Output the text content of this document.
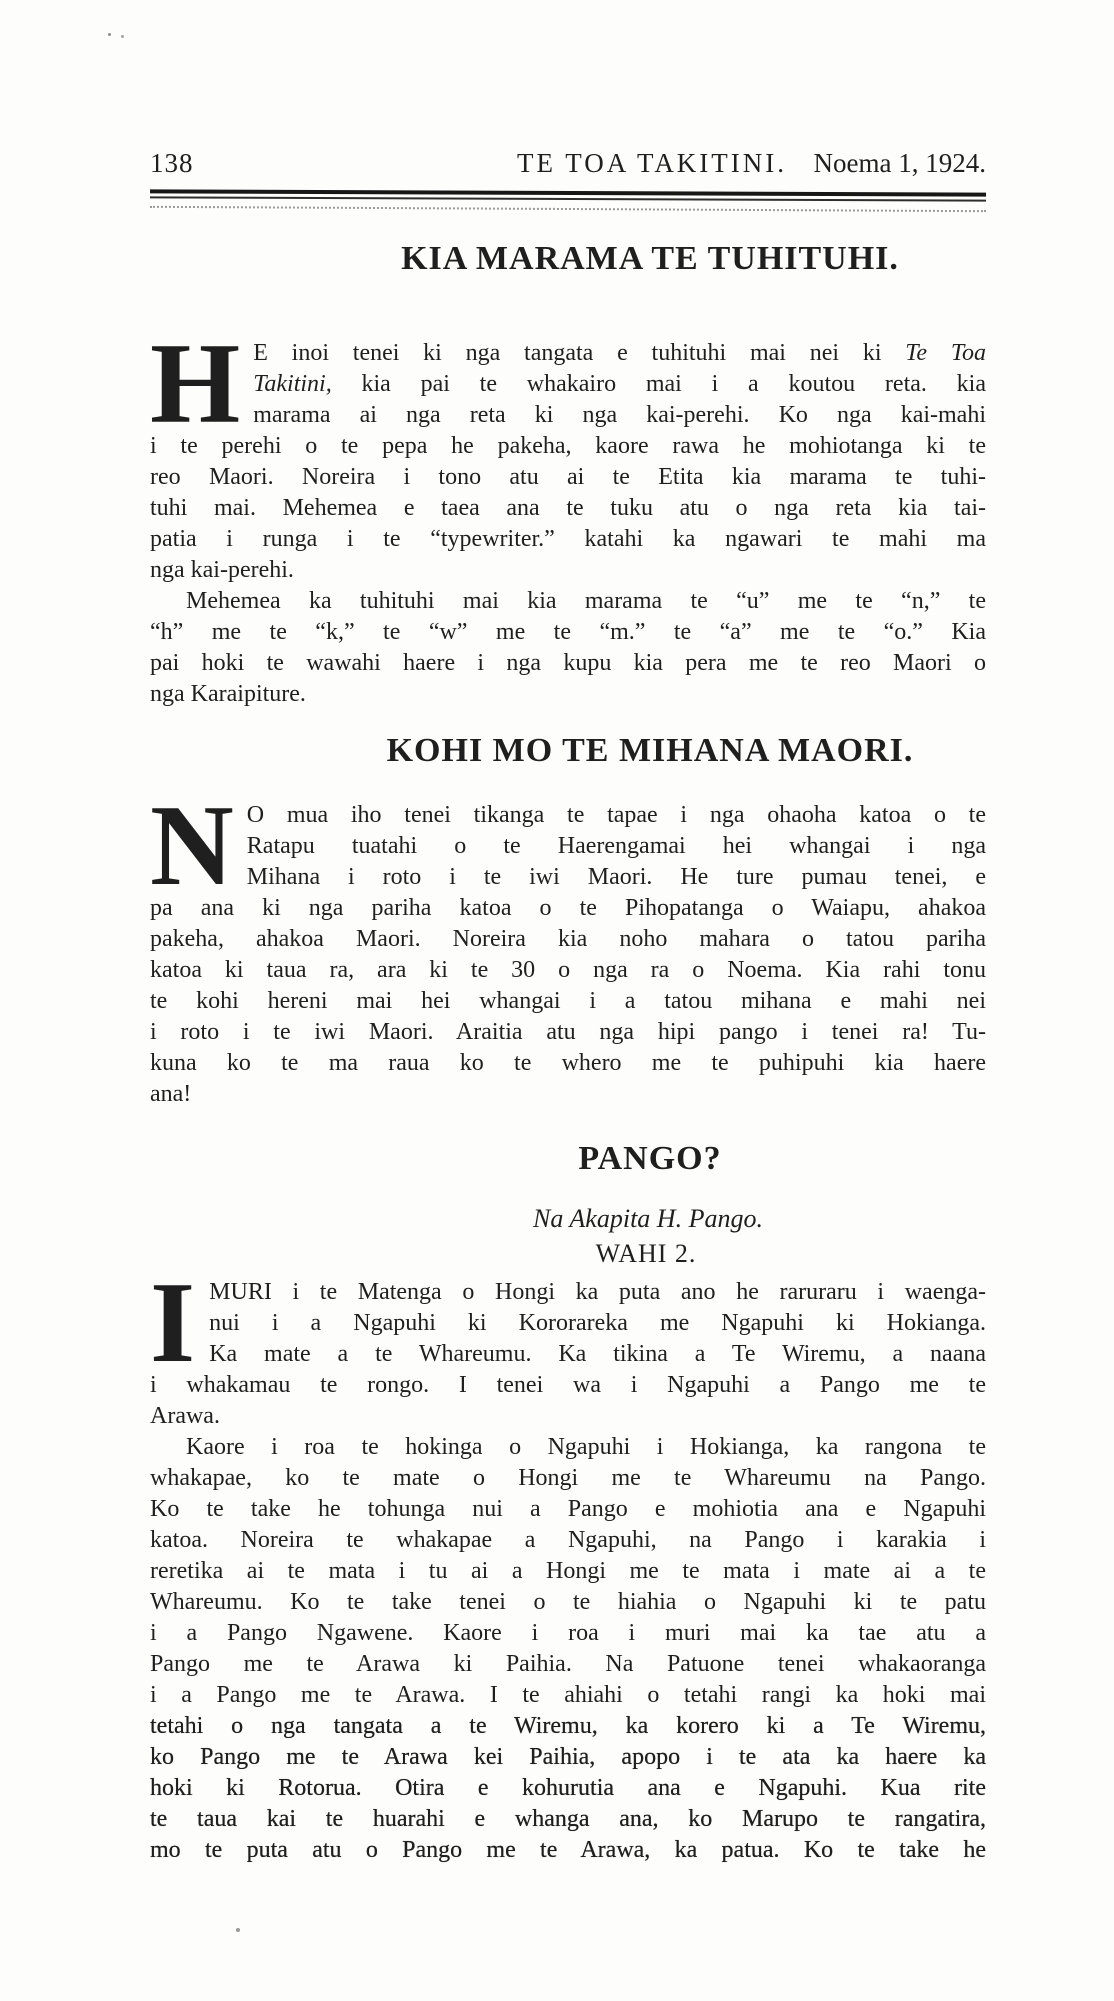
138	TE TOA TAKITINI. Noema 1, 1924.
KIA MARAMA TE TUHITUHI.
H E inoi tenei ki nga tangata e tuhituhi mai nei ki Te Toa
Takitini, kia pai te whakairo mai i a koutou reta. kia
marama ai nga reta ki nga kai-perehi. Ko nga kai-mahi
i te perehi o te pepa he pakeha, kaore rawa he mohiotanga ki te
reo Maori. Noreira i tono atu ai te Etita kia marama te tuhi-
tuhi mai. Mehemea e taea ana te tuku atu o nga reta kia tai-
patia i runga i te “typewriter.” katahi ka ngawari te mahi ma
nga kai-perehi.
Mehemea ka tuhituhi mai kia marama te “u” me te “n,” te
“h” me te “k,” te “w” me te “m.” te “a” me te “o.” Kia
pai hoki te wawahi haere i nga kupu kia pera me te reo Maori o
nga Karaipiture.
KOHI MO TE MIHANA MAORI.
N O mua iho tenei tikanga te tapae i nga ohaoha katoa o te
Ratapu tuatahi o te Haerengamai hei whangai i nga
Mihana i roto i te iwi Maori. He ture pumau tenei, e
pa ana ki nga pariha katoa o te Pihopatanga o Waiapu, ahakoa
pakeha, ahakoa Maori. Noreira kia noho mahara o tatou pariha
katoa ki taua ra, ara ki te 30 o nga ra o Noema. Kia rahi tonu
te kohi hereni mai hei whangai i a tatou mihana e mahi nei
i roto i te iwi Maori. Araitia atu nga hipi pango i tenei ra! Tu-
kuna ko te ma raua ko te whero me te puhipuhi kia haere
ana!
PANGO?
Na Akapita H. Pango.
WAHI 2.
I MURI i te Matenga o Hongi ka puta ano he raruraru i waenga-
nui i a Ngapuhi ki Kororareka me Ngapuhi ki Hokianga.
Ka mate a te Whareumu. Ka tikina a Te Wiremu, a naana
i whakamau te rongo. I tenei wa i Ngapuhi a Pango me te
Arawa.
Kaore i roa te hokinga o Ngapuhi i Hokianga, ka rangona te
whakapae, ko te mate o Hongi me te Whareumu na Pango.
Ko te take he tohunga nui a Pango e mohiotia ana e Ngapuhi
katoa. Noreira te whakapae a Ngapuhi, na Pango i karakia i
reretika ai te mata i tu ai a Hongi me te mata i mate ai a te
Whareumu. Ko te take tenei o te hiahia o Ngapuhi ki te patu
i a Pango Ngawene. Kaore i roa i muri mai ka tae atu a
Pango me te Arawa ki Paihia. Na Patuone tenei whakaoranga
i a Pango me te Arawa. I te ahiahi o tetahi rangi ka hoki mai
tetahi o nga tangata a te Wiremu, ka korero ki a Te Wiremu,
ko Pango me te Arawa kei Paihia, apopo i te ata ka haere ka
hoki ki Rotorua. Otira e kohurutia ana e Ngapuhi. Kua rite
te taua kai te huarahi e whanga ana, ko Marupo te rangatira,
mo te puta atu o Pango me te Arawa, ka patua. Ko te take he
